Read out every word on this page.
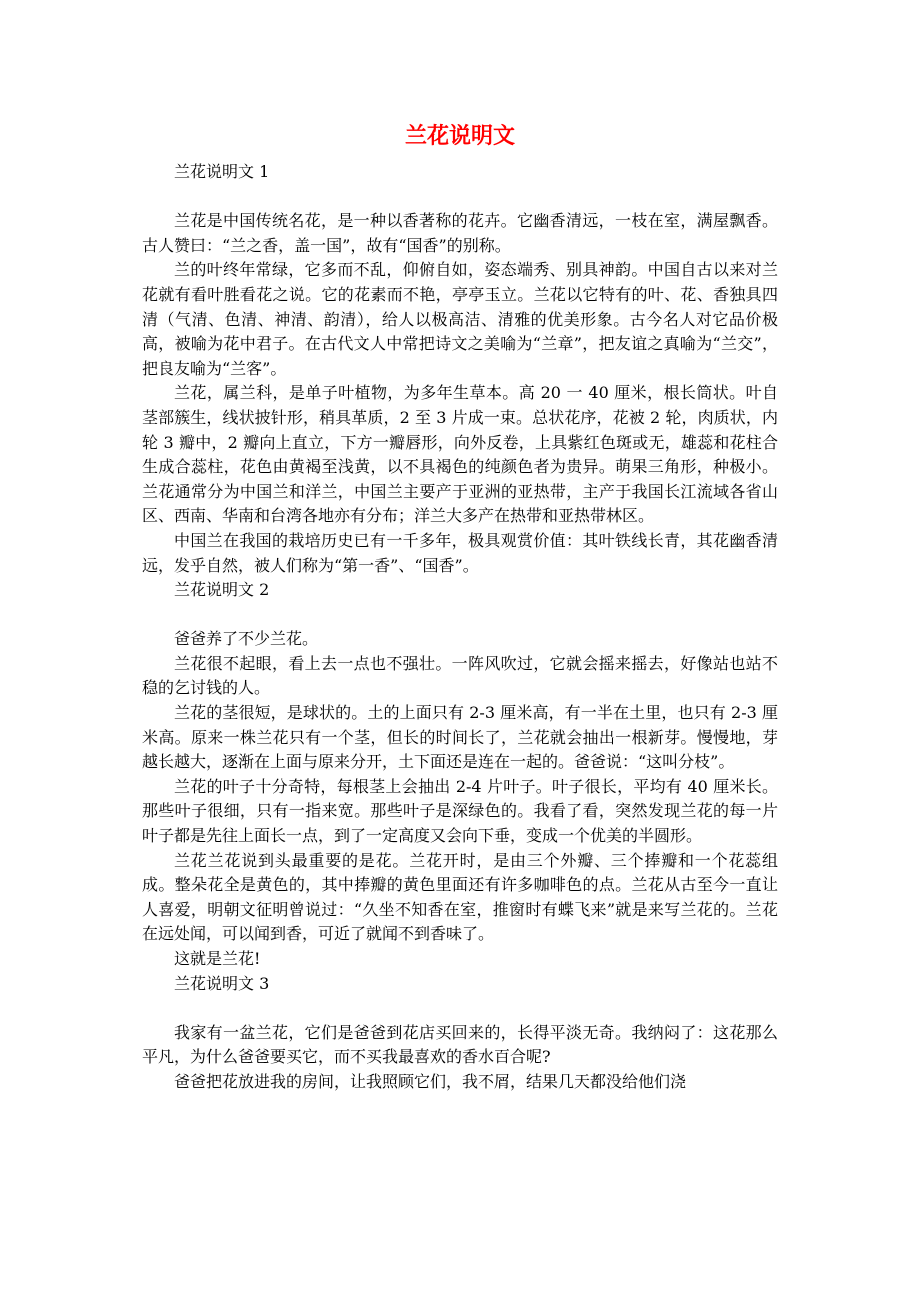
兰花说明文

兰花说明文 1

兰花是中国传统名花，是一种以香著称的花卉。它幽香清远，一枝在室，满屋飘香。古人赞曰：“兰之香，盖一国”，故有“国香”的别称。

兰的叶终年常绿，它多而不乱，仰俯自如，姿态端秀、别具神韵。中国自古以来对兰花就有看叶胜看花之说。它的花素而不艳，亭亭玉立。兰花以它特有的叶、花、香独具四清（气清、色清、神清、韵清），给人以极高洁、清雅的优美形象。古今名人对它品价极高，被喻为花中君子。在古代文人中常把诗文之美喻为“兰章”，把友谊之真喻为“兰交”，把良友喻为“兰客”。

兰花，属兰科，是单子叶植物，为多年生草本。高 20 一 40 厘米，根长筒状。叶自茎部簇生，线状披针形，稍具革质，2 至 3 片成一束。总状花序，花被 2 轮，肉质状，内轮 3 瓣中，2 瓣向上直立，下方一瓣唇形，向外反卷，上具紫红色斑或无，雄蕊和花柱合生成合蕊柱，花色由黄褐至浅黄，以不具褐色的纯颜色者为贵异。萌果三角形，种极小。兰花通常分为中国兰和洋兰，中国兰主要产于亚洲的亚热带，主产于我国长江流域各省山区、西南、华南和台湾各地亦有分布；洋兰大多产在热带和亚热带林区。

中国兰在我国的栽培历史已有一千多年，极具观赏价值：其叶铁线长青，其花幽香清远，发乎自然，被人们称为“第一香”、“国香”。

兰花说明文 2

爸爸养了不少兰花。

兰花很不起眼，看上去一点也不强壮。一阵风吹过，它就会摇来摇去，好像站也站不稳的乞讨钱的人。

兰花的茎很短，是球状的。土的上面只有 2-3 厘米高，有一半在土里，也只有 2-3 厘米高。原来一株兰花只有一个茎，但长的时间长了，兰花就会抽出一根新芽。慢慢地，芽越长越大，逐渐在上面与原来分开，土下面还是连在一起的。爸爸说：“这叫分枝”。

兰花的叶子十分奇特，每根茎上会抽出 2-4 片叶子。叶子很长，平均有 40 厘米长。那些叶子很细，只有一指来宽。那些叶子是深绿色的。我看了看，突然发现兰花的每一片叶子都是先往上面长一点，到了一定高度又会向下垂，变成一个优美的半圆形。

兰花兰花说到头最重要的是花。兰花开时，是由三个外瓣、三个捧瓣和一个花蕊组成。整朵花全是黄色的，其中捧瓣的黄色里面还有许多咖啡色的点。兰花从古至今一直让人喜爱，明朝文征明曾说过：“久坐不知香在室，推窗时有蝶飞来”就是来写兰花的。兰花在远处闻，可以闻到香，可近了就闻不到香味了。

这就是兰花!

兰花说明文 3

我家有一盆兰花，它们是爸爸到花店买回来的，长得平淡无奇。我纳闷了：这花那么平凡，为什么爸爸要买它，而不买我最喜欢的香水百合呢?

爸爸把花放进我的房间，让我照顾它们，我不屑，结果几天都没给他们浇
